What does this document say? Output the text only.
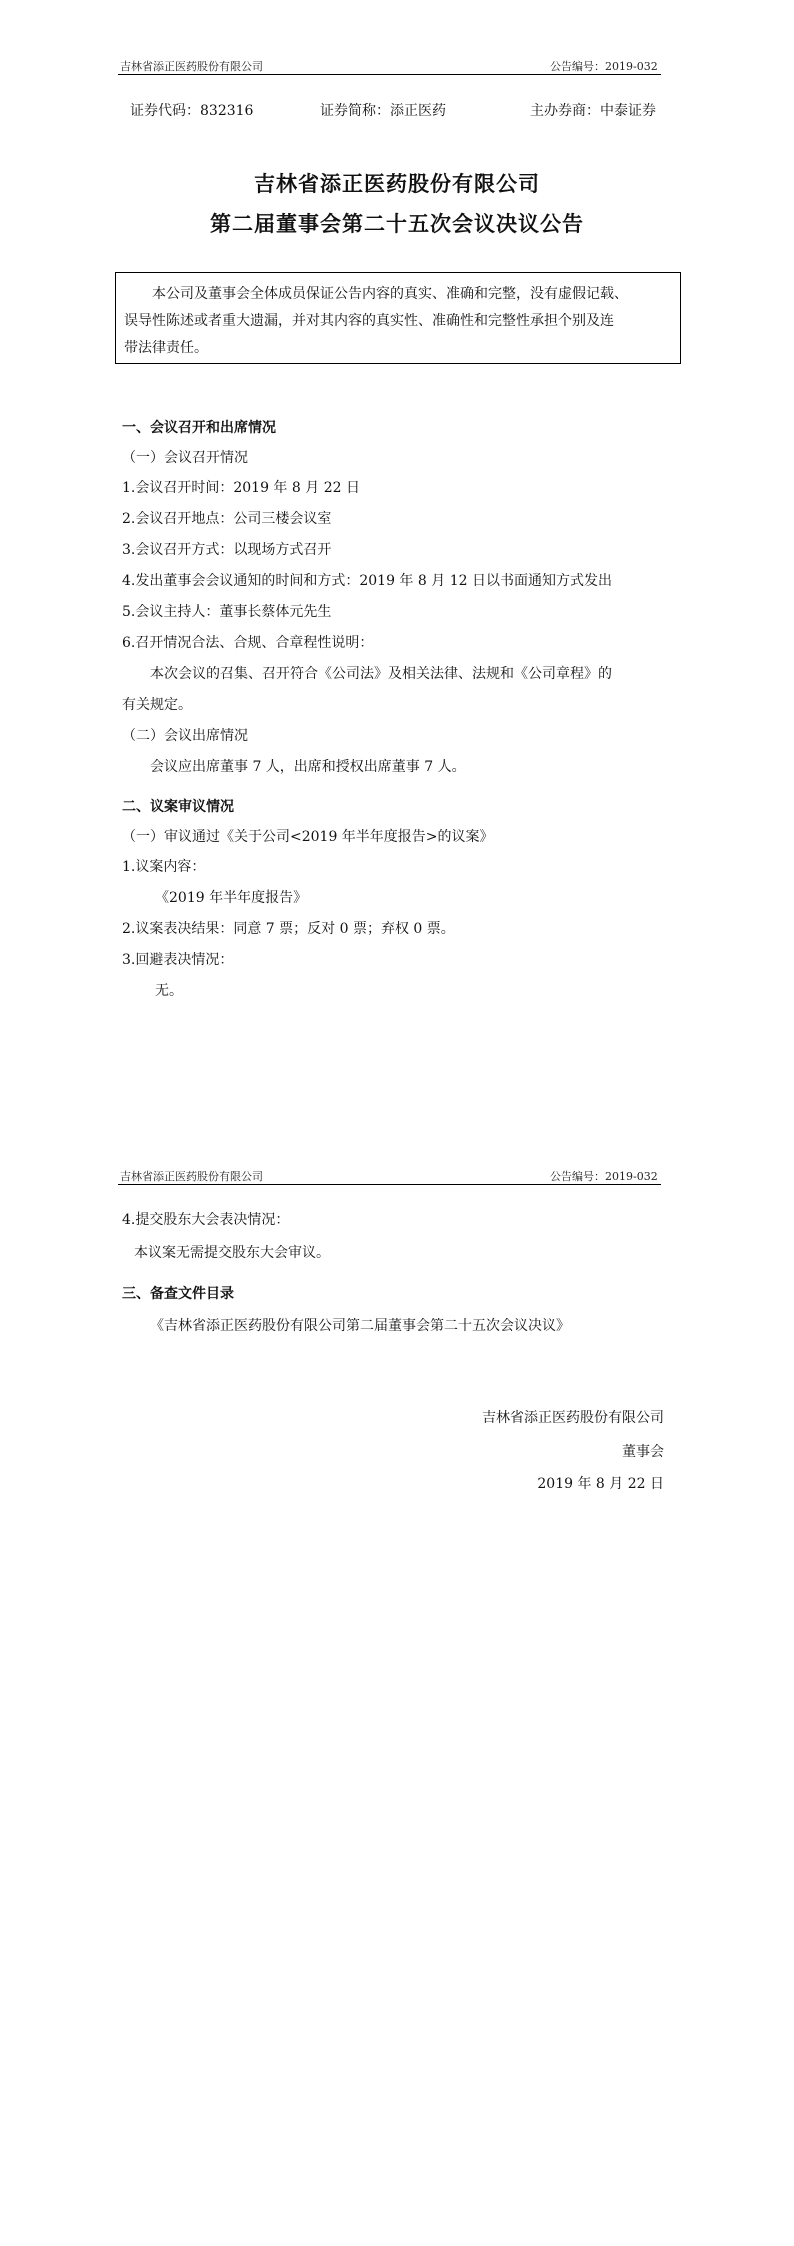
吉林省添正医药股份有限公司	公告编号：2019-032
证券代码：832316	证券简称：添正医药	主办券商：中泰证券
吉林省添正医药股份有限公司
第二届董事会第二十五次会议决议公告
本公司及董事会全体成员保证公告内容的真实、准确和完整，没有虚假记载、
误导性陈述或者重大遗漏，并对其内容的真实性、准确性和完整性承担个别及连
带法律责任。
一、会议召开和出席情况
（一）会议召开情况
1.会议召开时间：2019 年 8 月 22 日
2.会议召开地点：公司三楼会议室
3.会议召开方式：以现场方式召开
4.发出董事会会议通知的时间和方式：2019 年 8 月 12 日以书面通知方式发出
5.会议主持人：董事长蔡体元先生
6.召开情况合法、合规、合章程性说明：
本次会议的召集、召开符合《公司法》及相关法律、法规和《公司章程》的
有关规定。
（二）会议出席情况
会议应出席董事 7 人，出席和授权出席董事 7 人。
二、议案审议情况
（一）审议通过《关于公司<2019 年半年度报告>的议案》
1.议案内容：
《2019 年半年度报告》
2.议案表决结果：同意 7 票；反对 0 票；弃权 0 票。
3.回避表决情况：
无。
吉林省添正医药股份有限公司	公告编号：2019-032
4.提交股东大会表决情况：
本议案无需提交股东大会审议。
三、备查文件目录
《吉林省添正医药股份有限公司第二届董事会第二十五次会议决议》
吉林省添正医药股份有限公司
董事会
2019 年 8 月 22 日
